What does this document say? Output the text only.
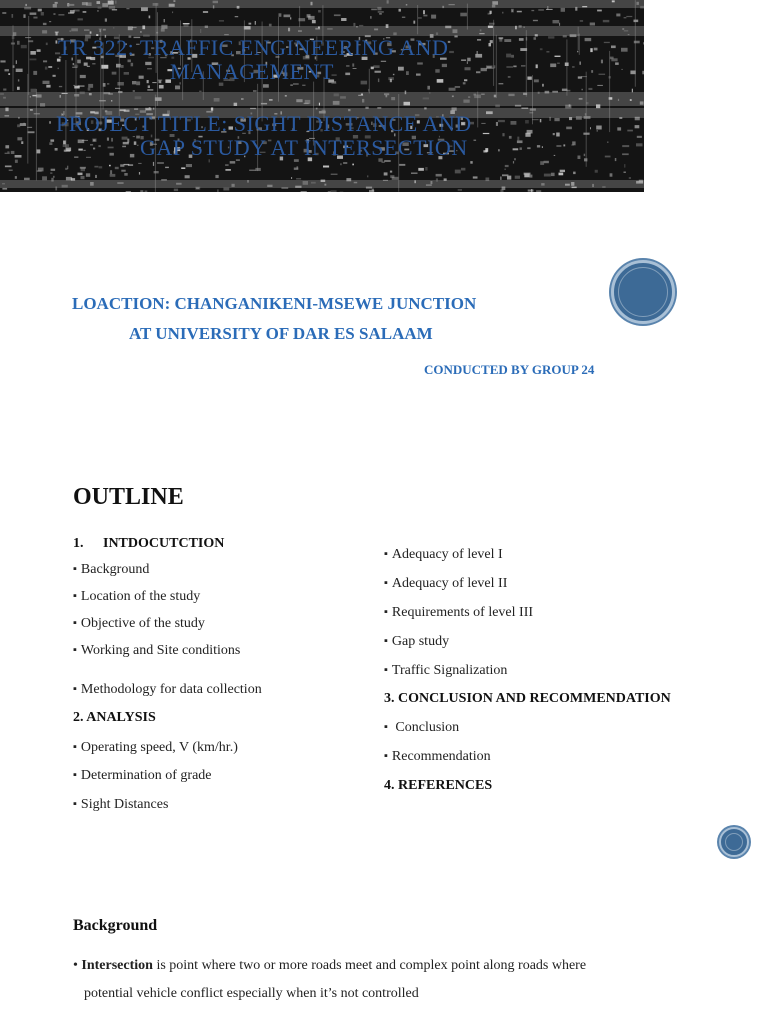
TR 322: TRAFFIC ENGINEERING AND
MANAGEMENT
PROJECT TITLE: SIGHT DISTANCE AND
GAP STUDY AT INTERSECTION
LOACTION: CHANGANIKENI-MSEWE JUNCTION
AT UNIVERSITY OF DAR ES SALAAM
CONDUCTED BY GROUP 24
OUTLINE
1. INTDOCUTCTION
▪ Background
▪ Location of the study
▪ Objective of the study
▪ Working and Site conditions
▪ Methodology for data collection
2. ANALYSIS
▪ Operating speed, V (km/hr.)
▪ Determination of grade
▪ Sight Distances
▪ Adequacy of level I
▪ Adequacy of level II
▪ Requirements of level III
▪ Gap study
▪ Traffic Signalization
3. CONCLUSION AND RECOMMENDATION
▪ Conclusion
▪ Recommendation
4. REFERENCES
Background
• Intersection is point where two or more roads meet and complex point along roads where
potential vehicle conflict especially when it’s not controlled
